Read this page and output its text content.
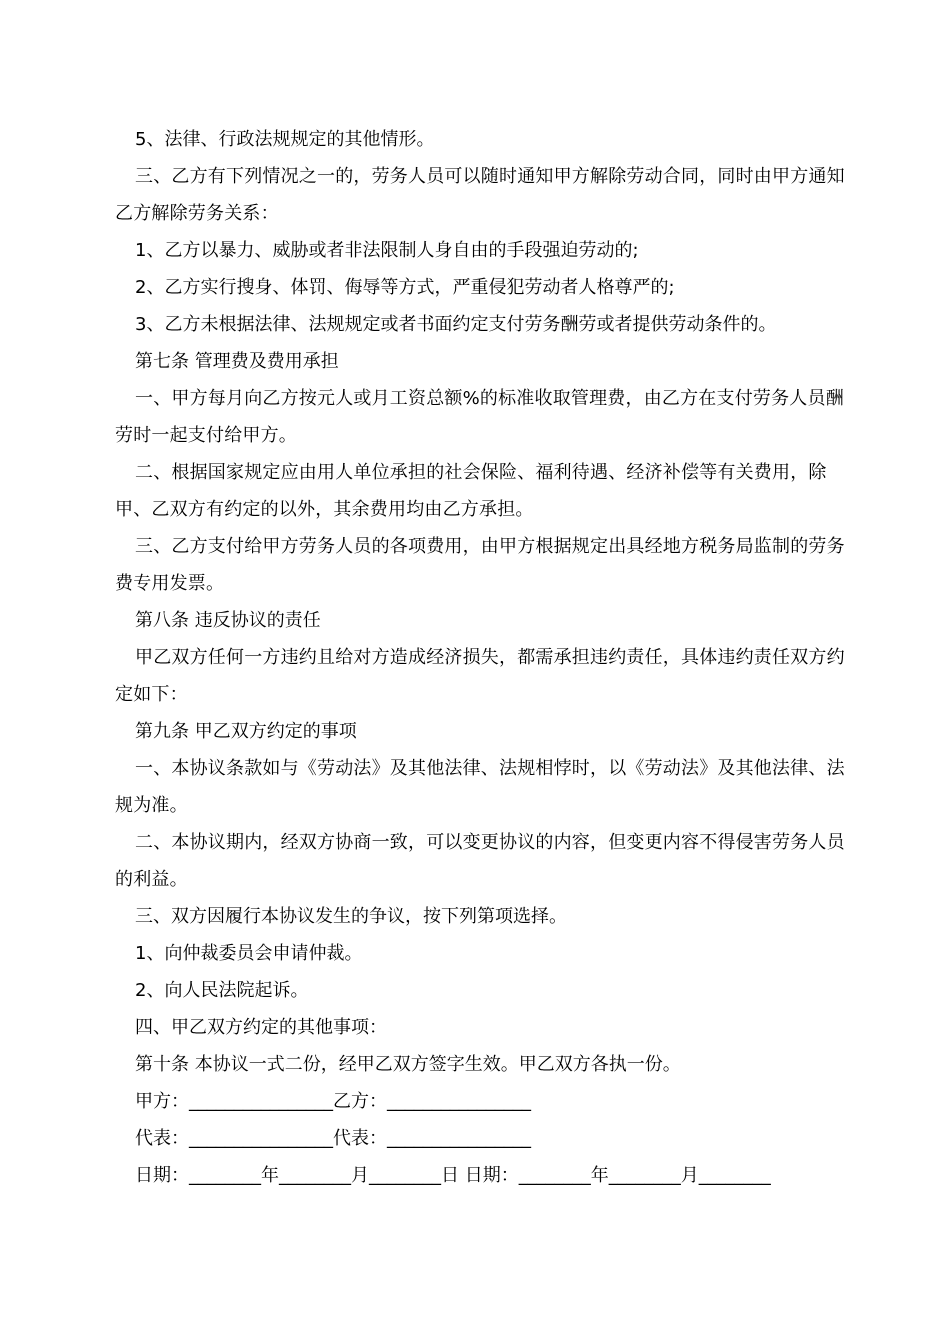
5、法律、行政法规规定的其他情形。

三、乙方有下列情况之一的，劳务人员可以随时通知甲方解除劳动合同，同时由甲方通知乙方解除劳务关系：

1、乙方以暴力、威胁或者非法限制人身自由的手段强迫劳动的;

2、乙方实行搜身、体罚、侮辱等方式，严重侵犯劳动者人格尊严的;

3、乙方未根据法律、法规规定或者书面约定支付劳务酬劳或者提供劳动条件的。

第七条 管理费及费用承担

一、甲方每月向乙方按元人或月工资总额%的标准收取管理费，由乙方在支付劳务人员酬劳时一起支付给甲方。

二、根据国家规定应由用人单位承担的社会保险、福利待遇、经济补偿等有关费用，除甲、乙双方有约定的以外，其余费用均由乙方承担。

三、乙方支付给甲方劳务人员的各项费用，由甲方根据规定出具经地方税务局监制的劳务费专用发票。

第八条 违反协议的责任

甲乙双方任何一方违约且给对方造成经济损失，都需承担违约责任，具体违约责任双方约定如下：

第九条 甲乙双方约定的事项

一、本协议条款如与《劳动法》及其他法律、法规相悖时，以《劳动法》及其他法律、法规为准。

二、本协议期内，经双方协商一致，可以变更协议的内容，但变更内容不得侵害劳务人员的利益。

三、双方因履行本协议发生的争议，按下列第项选择。

1、向仲裁委员会申请仲裁。

2、向人民法院起诉。

四、甲乙双方约定的其他事项：

第十条 本协议一式二份，经甲乙双方签字生效。甲乙双方各执一份。

甲方：________________乙方：________________

代表：________________代表：________________

日期：________年________月________日 日期：________年________月________
